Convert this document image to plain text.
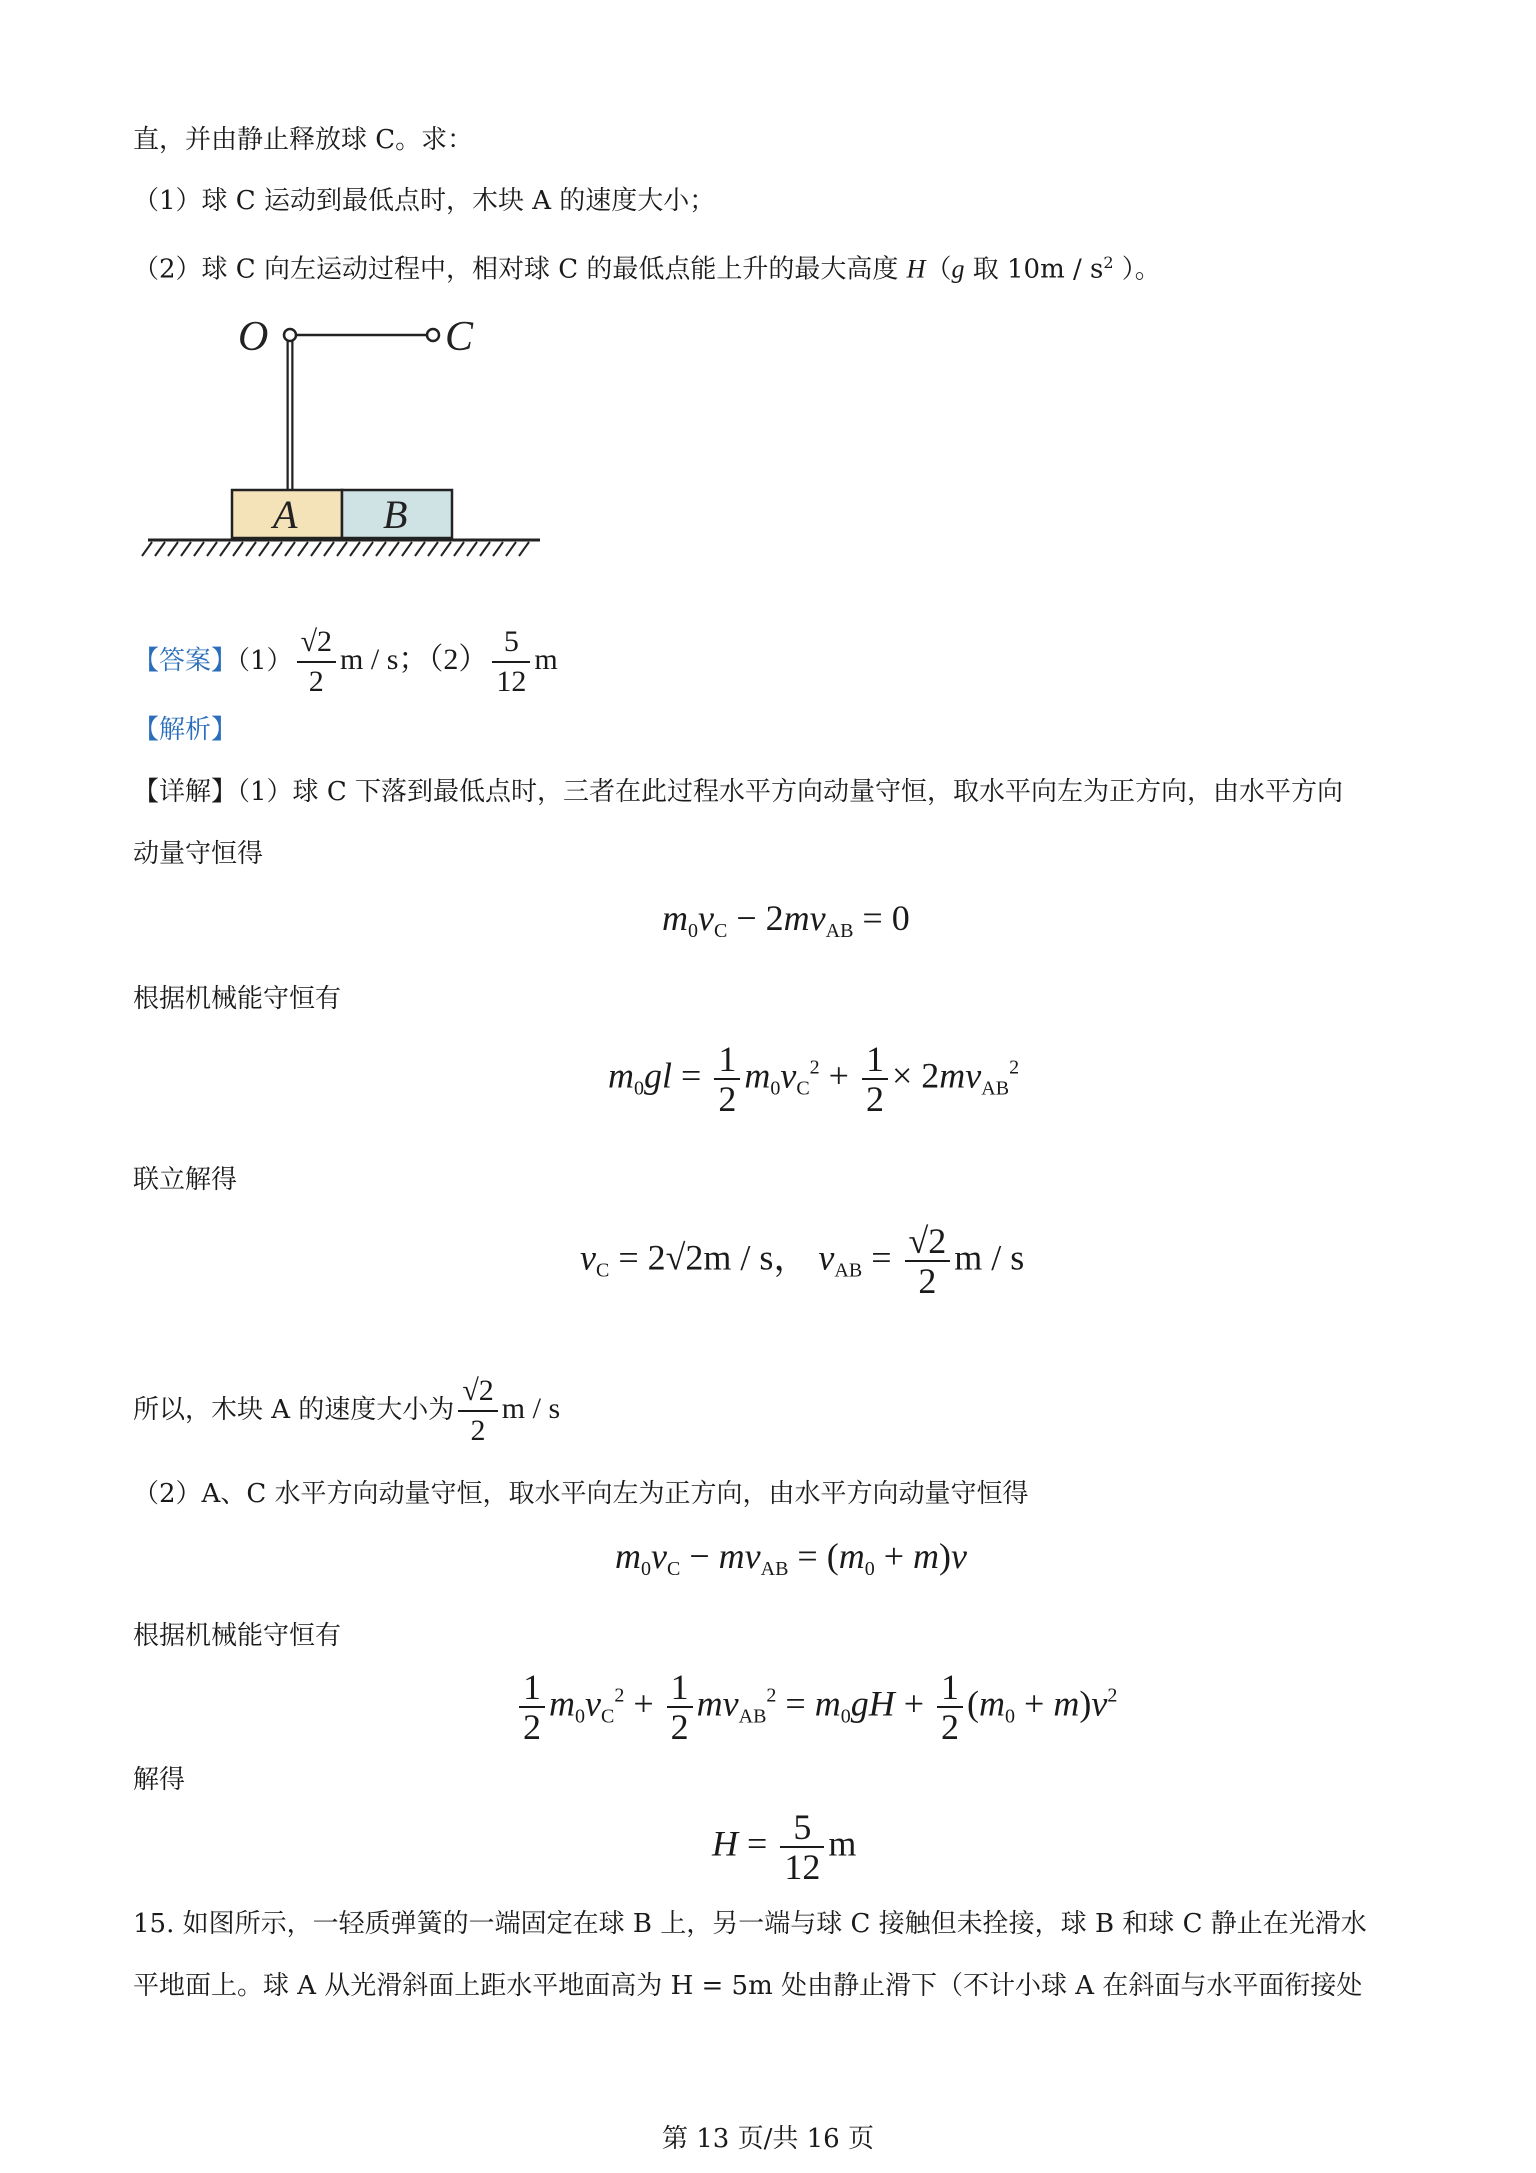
直，并由静止释放球 C。求：
（1）球 C 运动到最低点时，木块 A 的速度大小；
（2）球 C 向左运动过程中，相对球 C 的最低点能上升的最大高度 H（g 取 $10m / s^2$ ）。
O	C
A B
【答案】$(1) \frac{√2}{2}$ m / s；$(2) \frac{5}{12}$ m
【解析】
【详解】（1）球 C 下落到最低点时，三者在此过程水平方向动量守恒，取水平向左为正方向，由水平方向
动量守恒得
$m_0v_C - 2mv_{AB} = 0$
根据机械能守恒有
$m_0gl = \frac{1}{2} m_0v_C^2 + \frac{1}{2} \times 2mv_{AB}^2$
联立解得
$v_C = 2√2m / s$， $v_{AB} = \frac{√2}{2}$ m / s
所以，木块 A 的速度大小为 $\frac{√2}{2}$ m / s
（2）A、C 水平方向动量守恒，取水平向左为正方向，由水平方向动量守恒得
$m_0v_C - mv_{AB} = (m_0 + m)v$
根据机械能守恒有
$\frac{1}{2} m_0v_C^2 + \frac{1}{2} mv_{AB}^2 = m_0gH + \frac{1}{2} (m_0 + m)v^2$
解得
$H = \frac{5}{12}$ m
15. 如图所示，一轻质弹簧的一端固定在球 B 上，另一端与球 C 接触但未拴接，球 B 和球 C 静止在光滑水
平地面上。球 A 从光滑斜面上距水平地面高为 H = 5m 处由静止滑下（不计小球 A 在斜面与水平面衔接处
第 13 页/共 16 页
